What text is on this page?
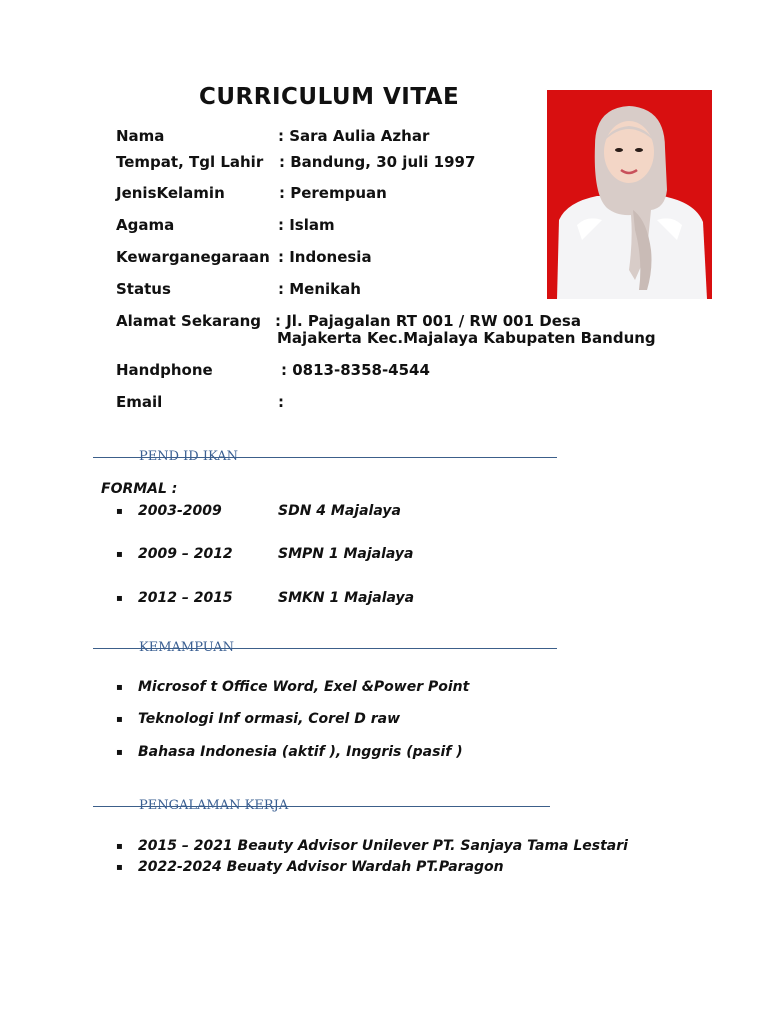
CURRICULUM VITAE
Nama	: Sara Aulia Azhar
Tempat, Tgl Lahir : Bandung, 30 juli 1997
JenisKelamin	: Perempuan
Agama	: Islam
Kewarganegaraan : Indonesia
Status	: Menikah
Alamat Sekarang : Jl. Pajagalan RT 001 / RW 001 Desa
Majakerta Kec.Majalaya Kabupaten Bandung
Handphone	: 0813-8358-4544
Email	:
PEND ID IKAN
FORMAL :
▪ 2003-2009	SDN 4 Majalaya
▪ 2009 – 2012	SMPN 1 Majalaya
▪ 2012 – 2015	SMKN 1 Majalaya
KEMAMPUAN
▪ Microsof t Office Word, Exel &Power Point
▪ Teknologi Inf ormasi, Corel D raw
▪ Bahasa Indonesia (aktif ), Inggris (pasif )
PENGALAMAN KERJA
▪ 2015 – 2021 Beauty Advisor Unilever PT. Sanjaya Tama Lestari
▪ 2022-2024 Beuaty Advisor Wardah PT.Paragon
